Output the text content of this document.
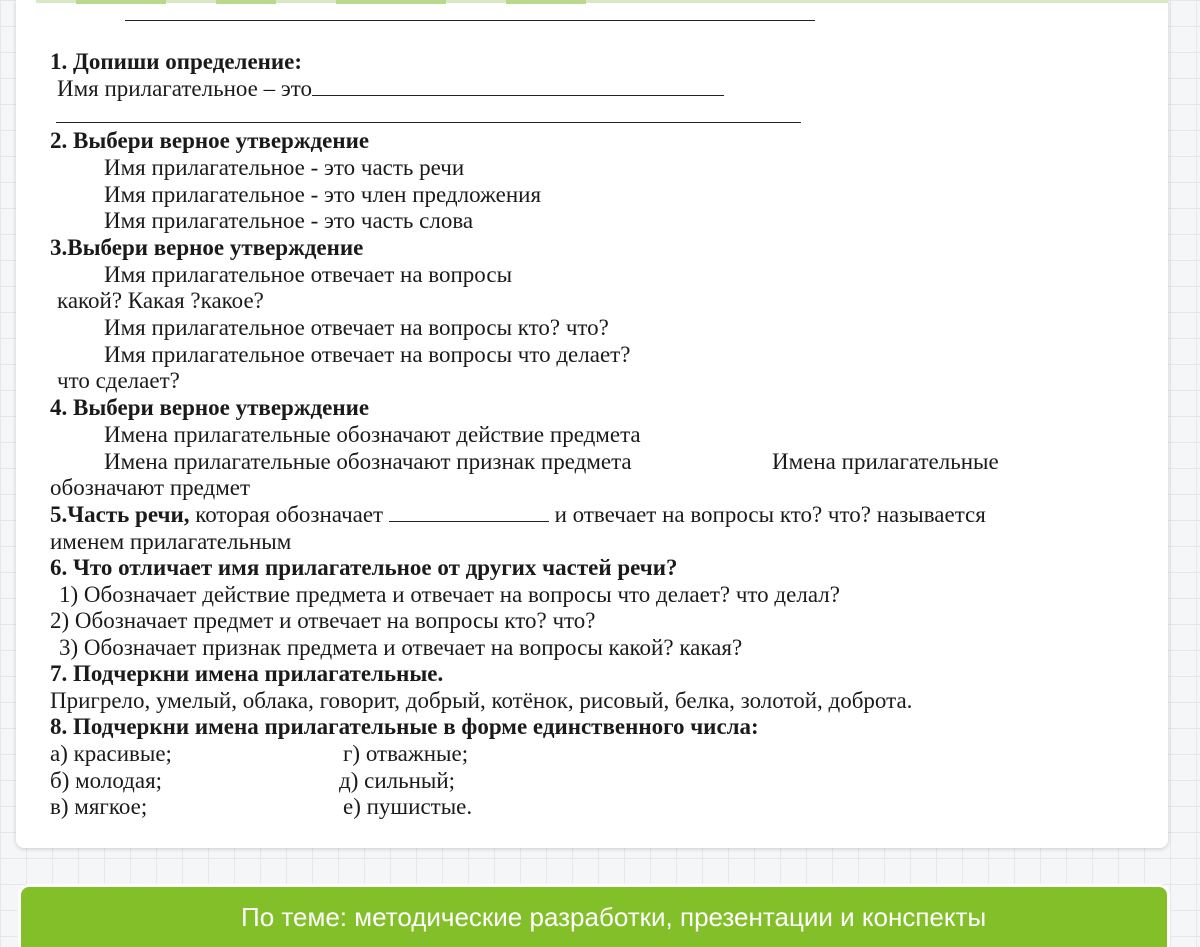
1. Допиши определение:
Имя прилагательное – это
2. Выбери верное утверждение
Имя прилагательное - это часть речи
Имя прилагательное - это член предложения
Имя прилагательное - это часть слова
3.Выбери верное утверждение
Имя прилагательное отвечает на вопросы
какой? Какая ?какое?
Имя прилагательное отвечает на вопросы кто? что?
Имя прилагательное отвечает на вопросы что делает?
что сделает?
4. Выбери верное утверждение
Имена прилагательные обозначают действие предмета
Имена прилагательные обозначают признак предмета	Имена прилагательные
обозначают предмет
5.Часть речи, которая обозначает	и отвечает на вопросы кто? что? называется
именем прилагательным
6. Что отличает имя прилагательное от других частей речи?
1) Обозначает действие предмета и отвечает на вопросы что делает? что делал?
2) Обозначает предмет и отвечает на вопросы кто? что?
3) Обозначает признак предмета и отвечает на вопросы какой? какая?
7. Подчеркни имена прилагательные.
Пригрело, умелый, облака, говорит, добрый, котёнок, рисовый, белка, золотой, доброта.
8. Подчеркни имена прилагательные в форме единственного числа:
а) красивые;	г) отважные;
б) молодая;	д) сильный;
в) мягкое;	е) пушистые.
По теме: методические разработки, презентации и конспекты
